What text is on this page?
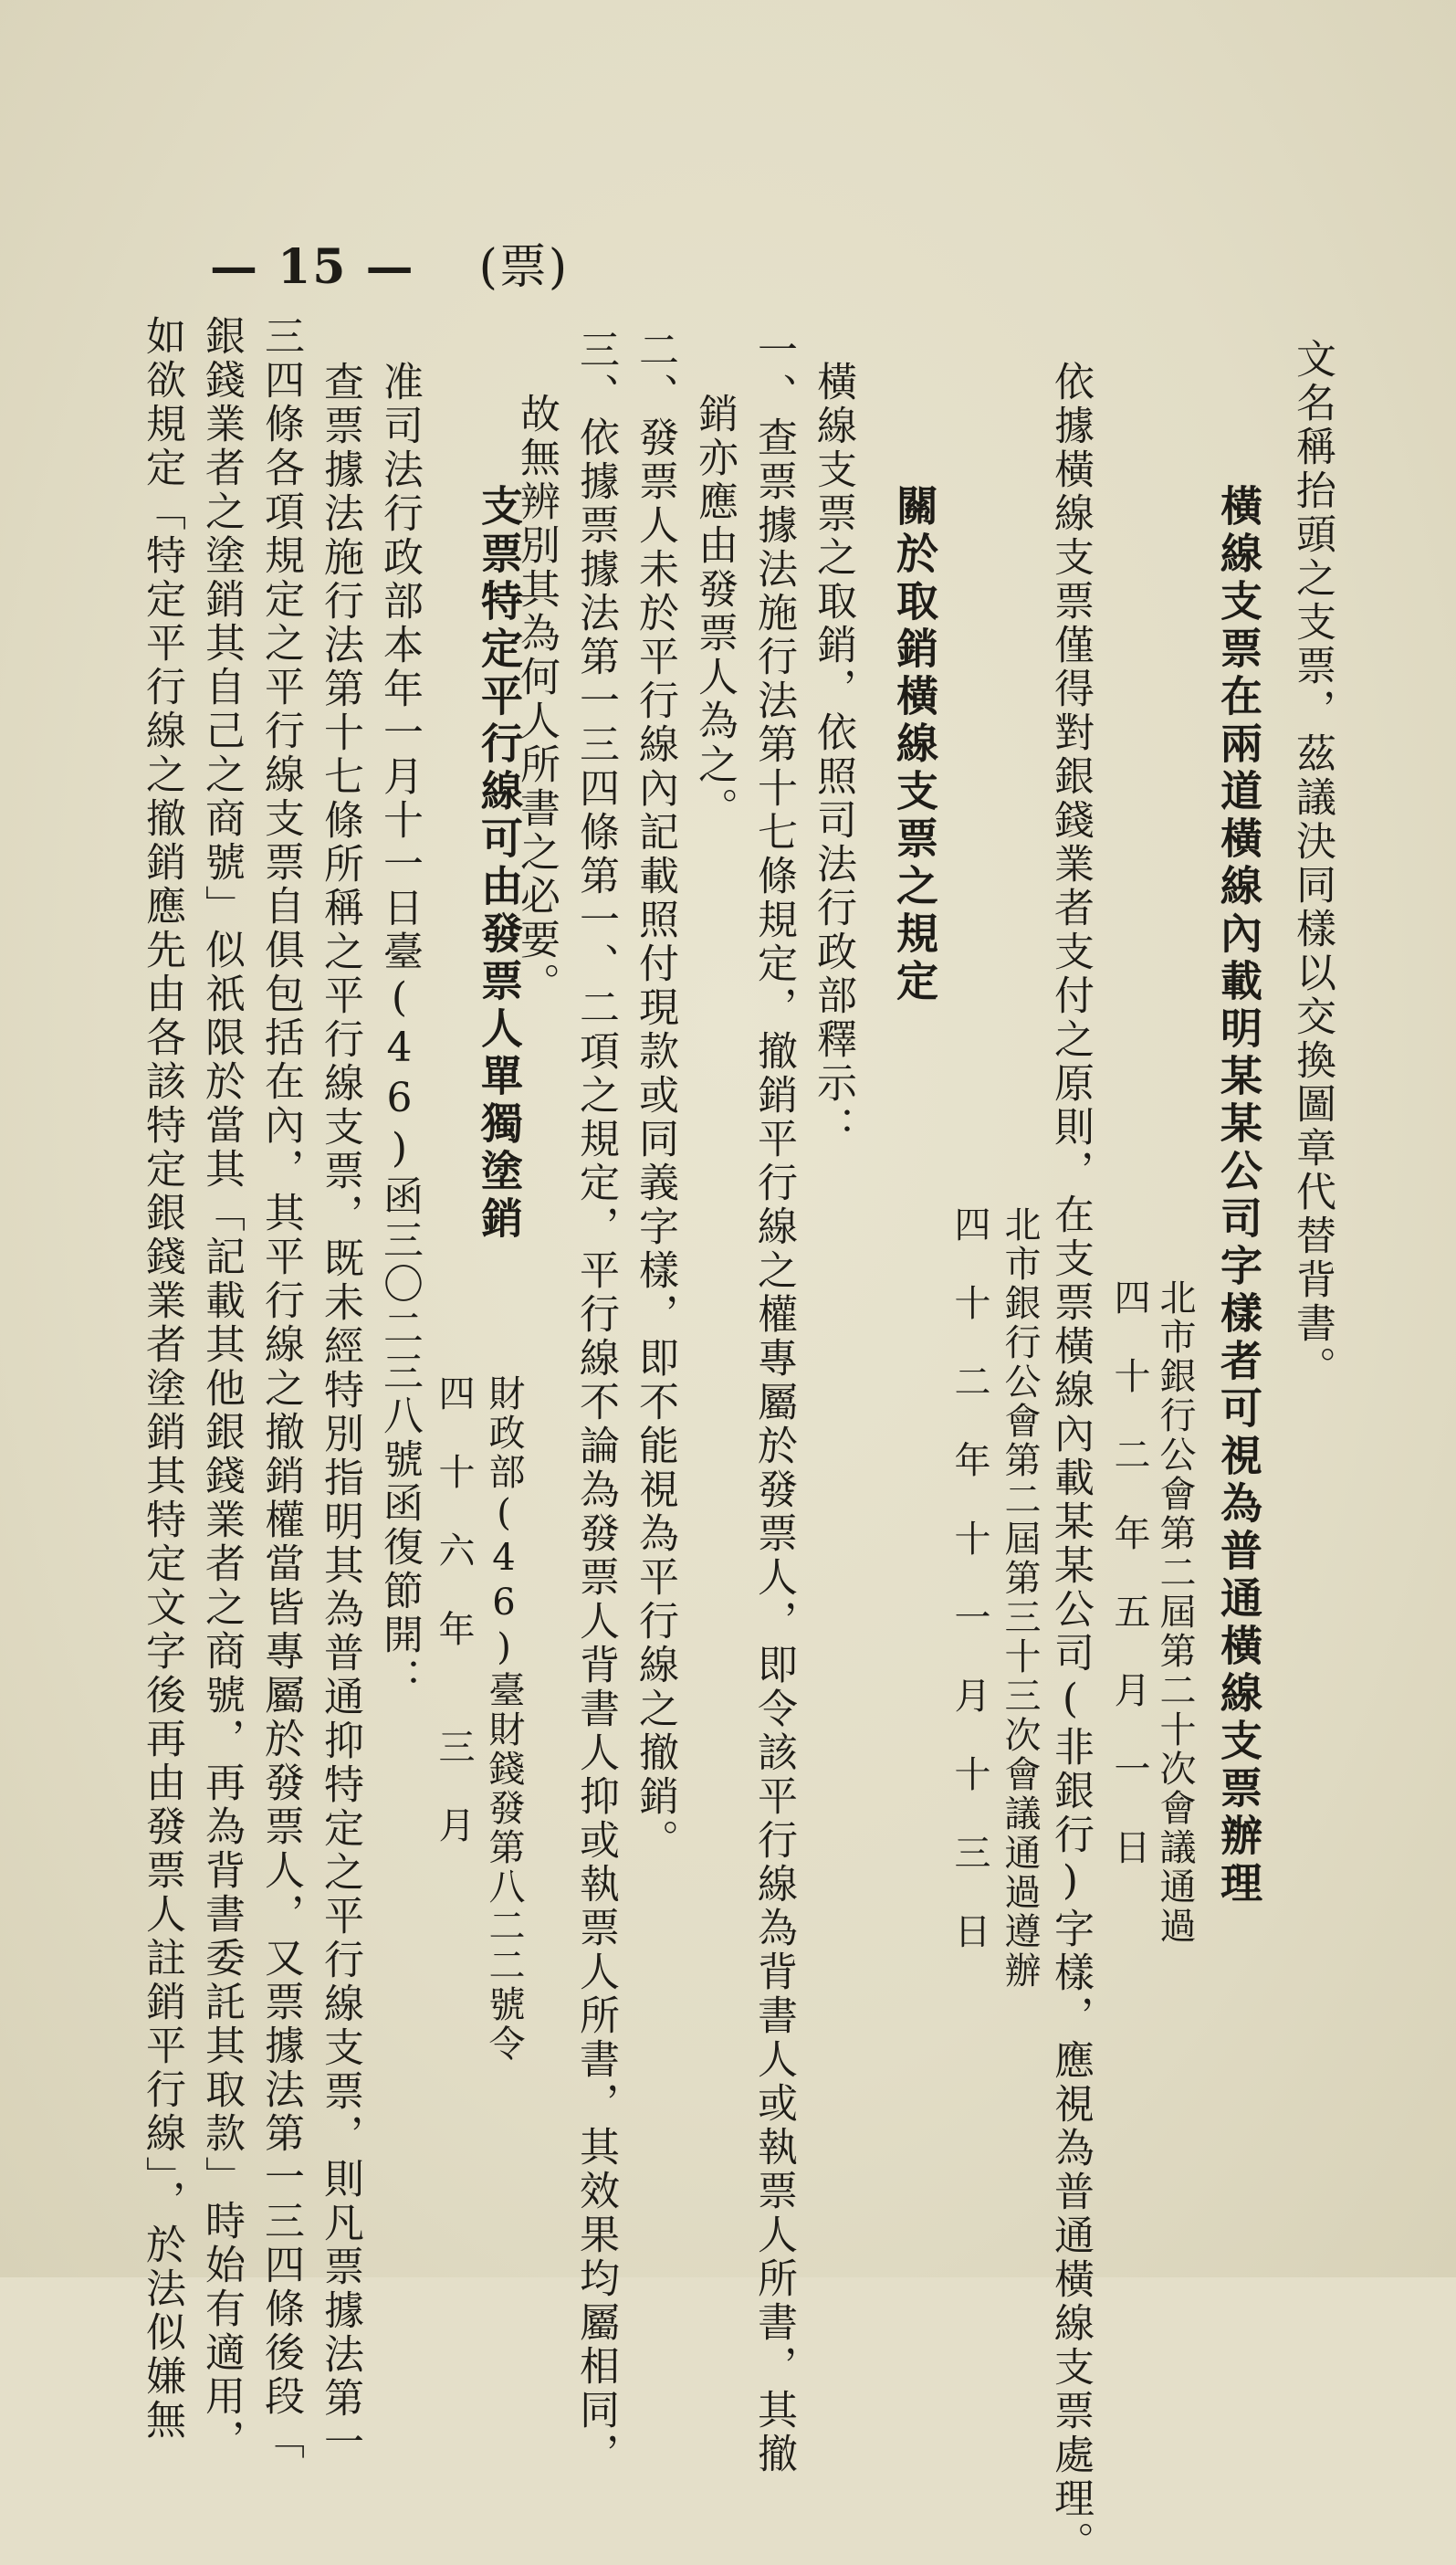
— 15 — (票)
文名稱抬頭之支票，茲議決同樣以交換圖章代替背書。
橫線支票在兩道橫線內載明某某公司字樣者可視為普通橫線支票辦理
北市銀行公會第二屆第二十次會議通過
四　十　二　年　五　月　一　日
依據橫線支票僅得對銀錢業者支付之原則，在支票橫線內載某某公司(非銀行)字樣，應視為普通橫線支票處理。
北市銀行公會第二屆第三十三次會議通過遵辦
四　十　二　年　十　一　月　十　三　日
關於取銷橫線支票之規定
橫線支票之取銷，依照司法行政部釋示：
一、查票據法施行法第十七條規定，撤銷平行線之權專屬於發票人，即令該平行線為背書人或執票人所書，其撤
銷亦應由發票人為之。
二、發票人未於平行線內記載照付現款或同義字樣，即不能視為平行線之撤銷。
三、依據票據法第一三四條第一、二項之規定，平行線不論為發票人背書人抑或執票人所書，其效果均屬相同，
故無辨別其為何人所書之必要。
財政部(46)臺財錢發第八二二號令
四　十　六　年　　三　月
支票特定平行線可由發票人單獨塗銷
准司法行政部本年一月十一日臺(46)函三〇二三八號函復節開：
查票據法施行法第十七條所稱之平行線支票，既未經特別指明其為普通抑特定之平行線支票，則凡票據法第一
三四條各項規定之平行線支票自俱包括在內，其平行線之撤銷權當皆專屬於發票人，又票據法第一三四條後段「
銀錢業者之塗銷其自己之商號」似祇限於當其「記載其他銀錢業者之商號，再為背書委託其取款」時始有適用，
如欲規定「特定平行線之撤銷應先由各該特定銀錢業者塗銷其特定文字後再由發票人註銷平行線」，於法似嫌無
